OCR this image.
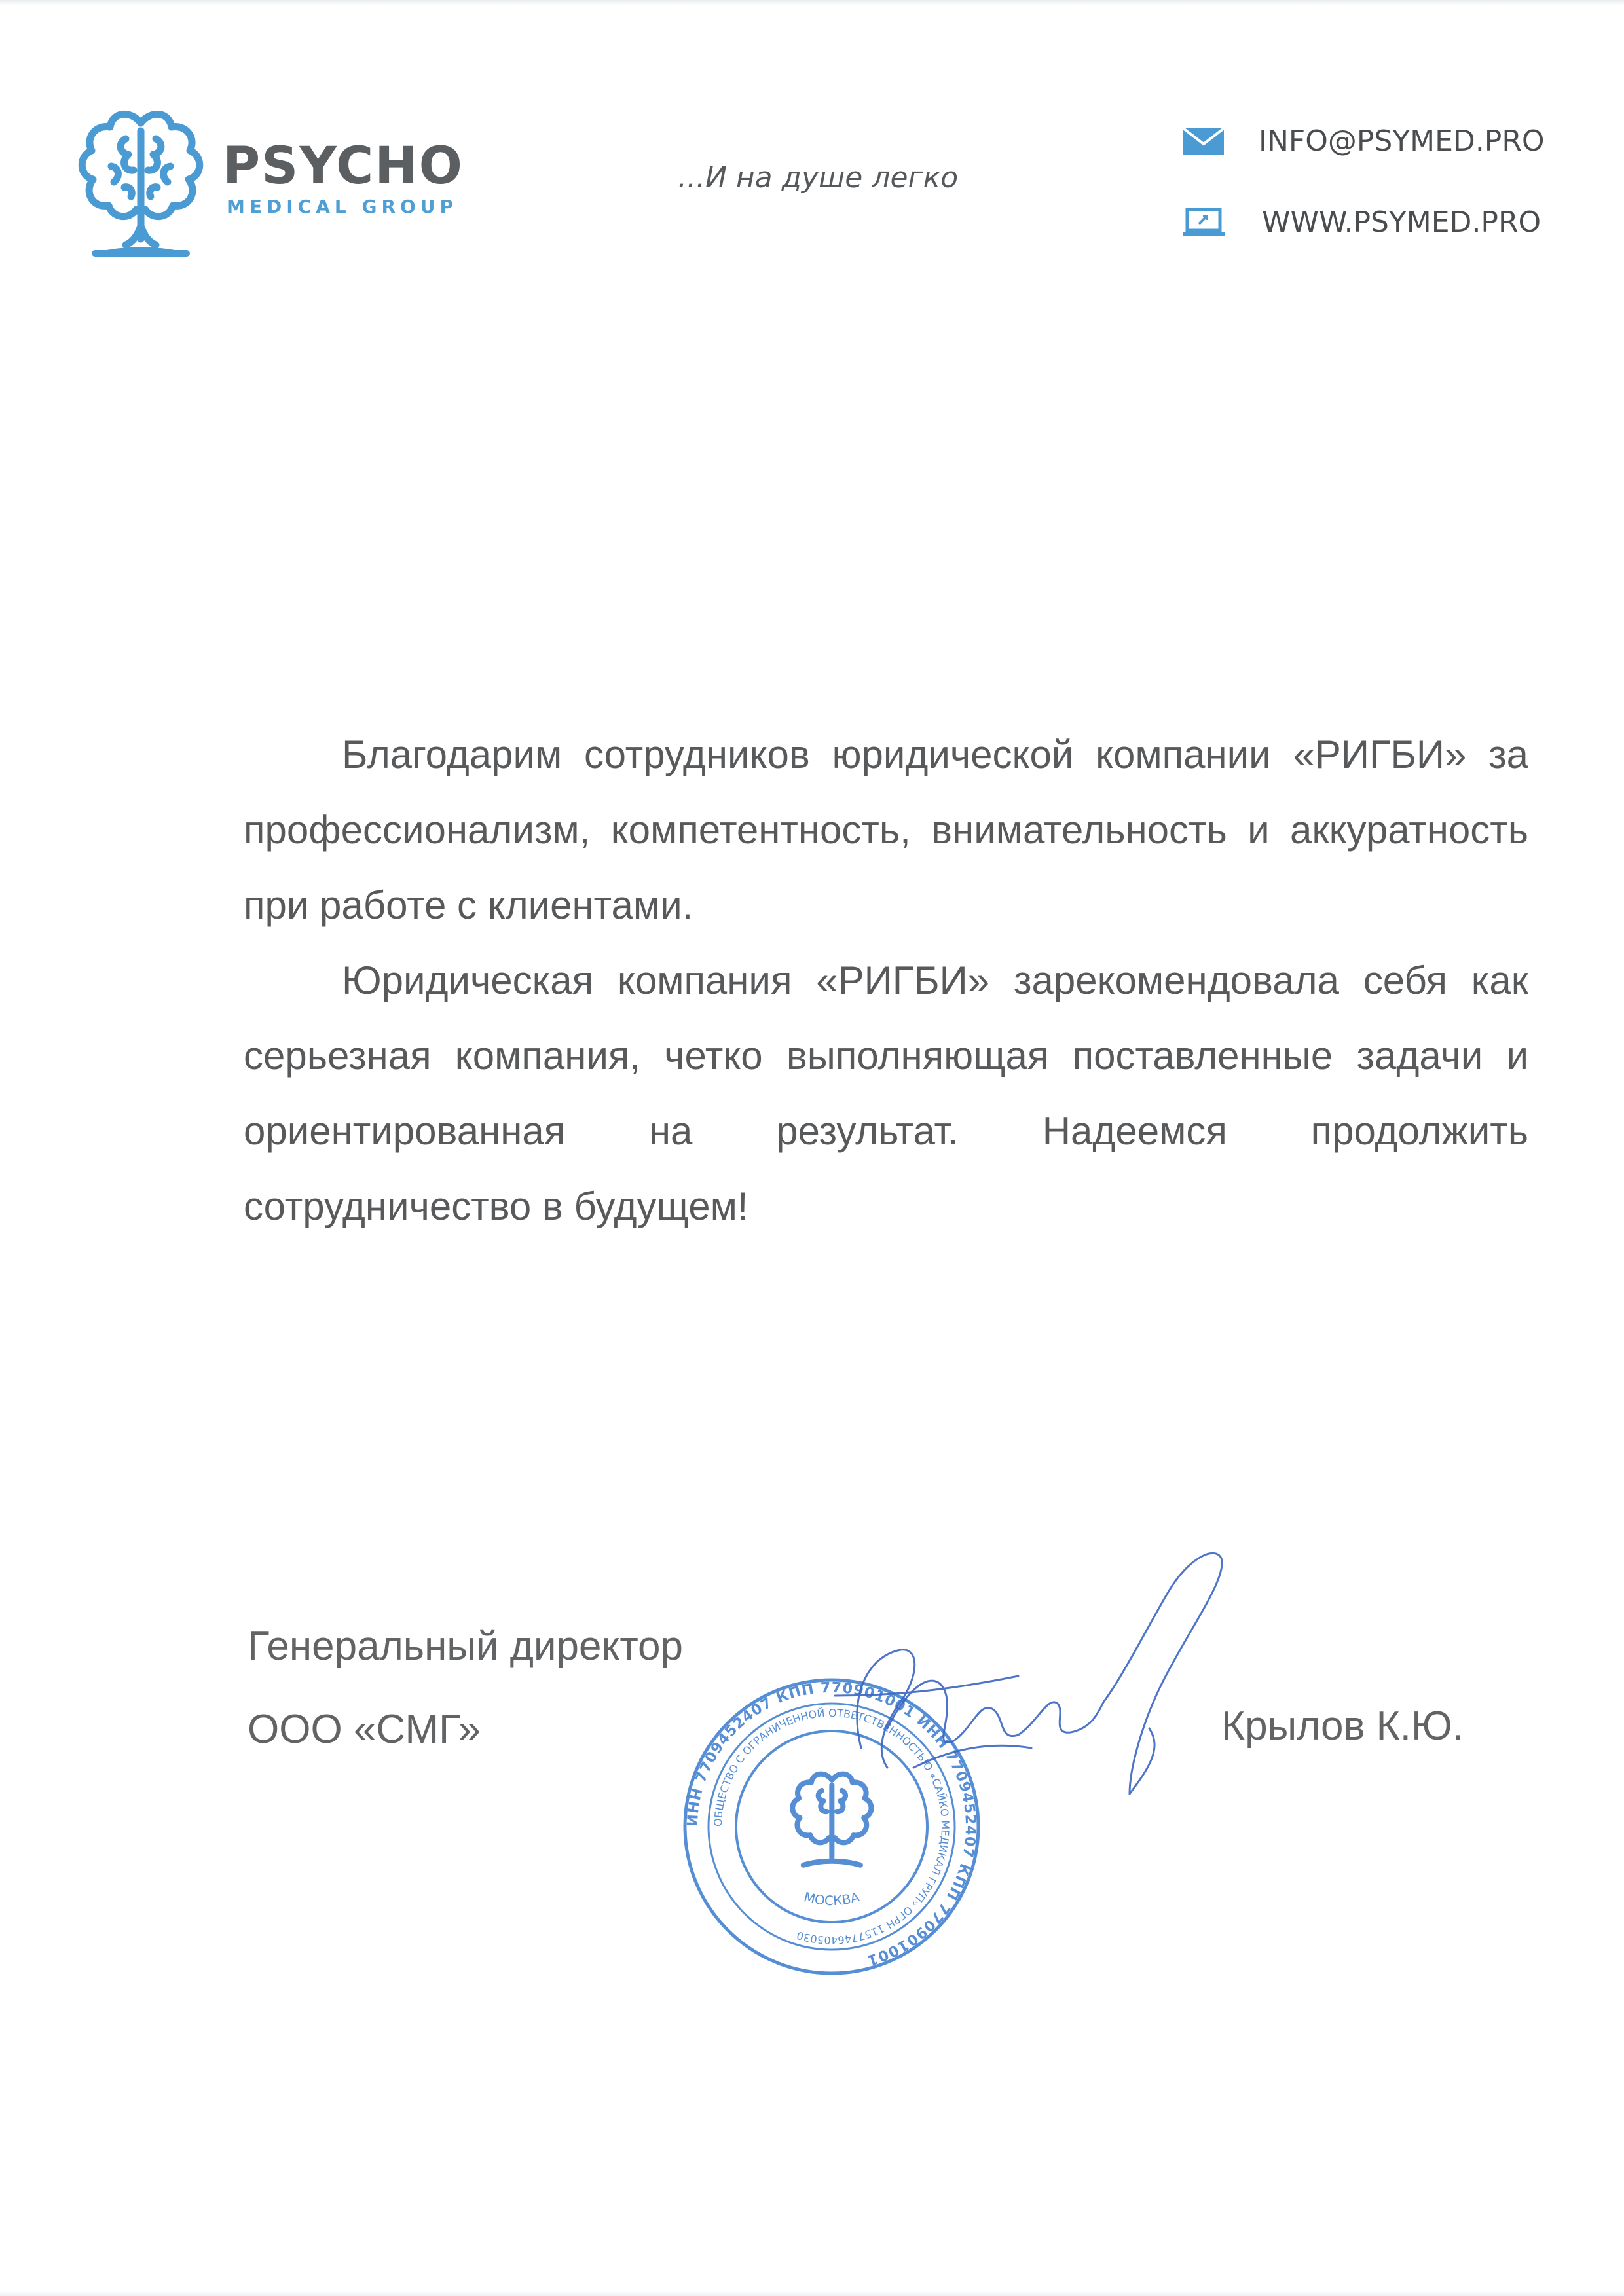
PSYCHO
MEDICAL GROUP
...И на душе легко
INFO@PSYMED.PRO
WWW.PSYMED.PRO

Благодарим сотрудников юридической компании «РИГБИ» за профессионализм, компетентность, внимательность и аккуратность при работе с клиентами.

Юридическая компания «РИГБИ» зарекомендовала себя как серьезная компания, четко выполняющая поставленные задачи и ориентированная на результат. Надеемся продолжить сотрудничество в будущем!

Генеральный директор
ООО «СМГ»	Крылов К.Ю.
ИНН 7709452407 КПП 770901001 ИНН 7709452407 КПП 770901001
ОБЩЕСТВО С ОГРАНИЧЕННОЙ ОТВЕТСТВЕННОСТЬЮ «САЙКО МЕДИКАЛ ГРУП» ОГРН 1157746405030
МОСКВА
